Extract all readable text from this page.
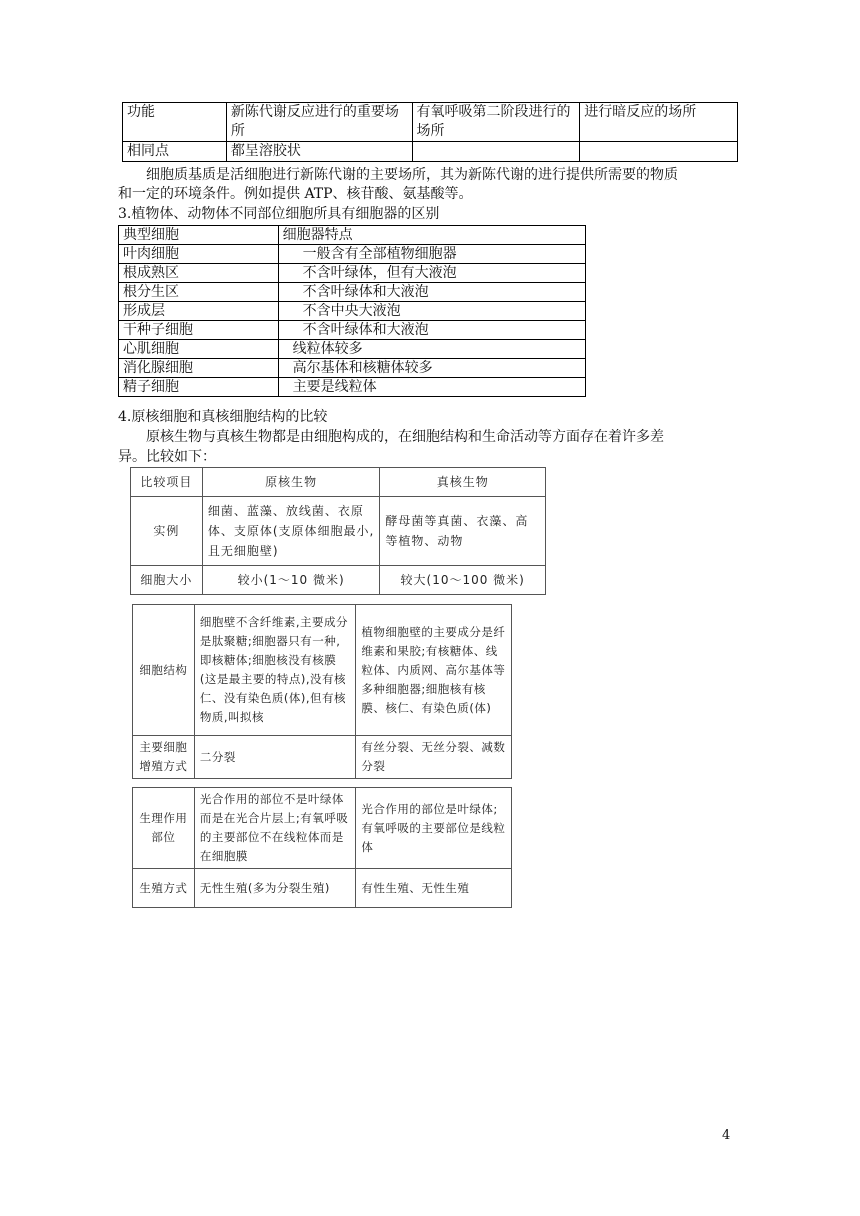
功能	新陈代谢反应进行的重要场所	有氧呼吸第二阶段进行的场所	进行暗反应的场所
相同点	都呈溶胶状		
细胞质基质是活细胞进行新陈代谢的主要场所，其为新陈代谢的进行提供所需要的物质
和一定的环境条件。例如提供 ATP、核苷酸、氨基酸等。
3.植物体、动物体不同部位细胞所具有细胞器的区别
典型细胞	细胞器特点
叶肉细胞	一般含有全部植物细胞器
根成熟区	不含叶绿体，但有大液泡
根分生区	不含叶绿体和大液泡
形成层	不含中央大液泡
干种子细胞	不含叶绿体和大液泡
心肌细胞	线粒体较多
消化腺细胞	高尔基体和核糖体较多
精子细胞	主要是线粒体
4.原核细胞和真核细胞结构的比较
原核生物与真核生物都是由细胞构成的，在细胞结构和生命活动等方面存在着许多差
异。比较如下：
比较项目	原核生物	真核生物
实例	细菌、蓝藻、放线菌、衣原体、支原体(支原体细胞最小,且无细胞壁)	酵母菌等真菌、衣藻、高等植物、动物
细胞大小	较小(1～10 微米)	较大(10～100 微米)
细胞结构	细胞壁不含纤维素,主要成分是肽聚糖;细胞器只有一种,即核糖体;细胞核没有核膜(这是最主要的特点),没有核仁、没有染色质(体),但有核物质,叫拟核	植物细胞壁的主要成分是纤维素和果胶;有核糖体、线粒体、内质网、高尔基体等多种细胞器;细胞核有核膜、核仁、有染色质(体)
主要细胞增殖方式	二分裂	有丝分裂、无丝分裂、减数分裂
生理作用部位	光合作用的部位不是叶绿体而是在光合片层上;有氧呼吸的主要部位不在线粒体而是在细胞膜	光合作用的部位是叶绿体;有氧呼吸的主要部位是线粒体
生殖方式	无性生殖(多为分裂生殖)	有性生殖、无性生殖
4
